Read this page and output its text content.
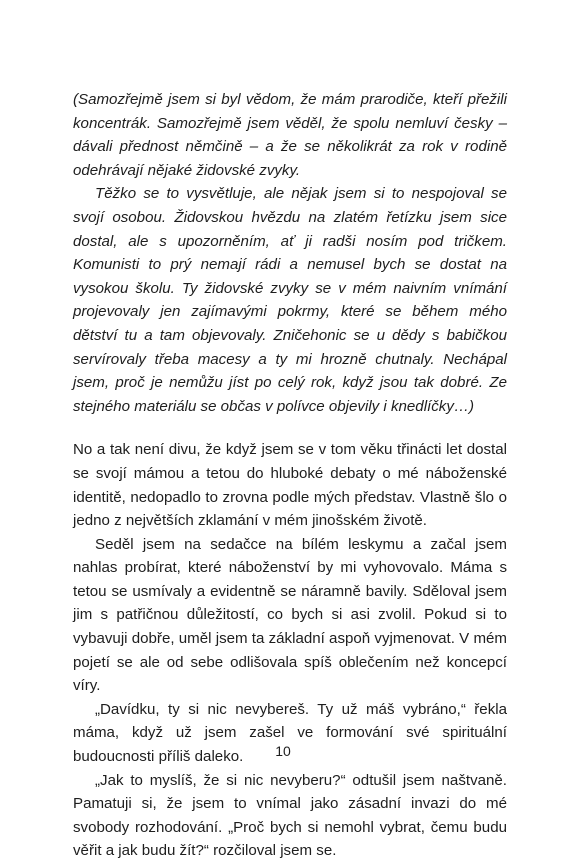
(Samozřejmě jsem si byl vědom, že mám prarodiče, kteří přežili koncentrák. Samozřejmě jsem věděl, že spolu nemluví česky – dávali přednost němčině – a že se několikrát za rok v rodině odehrávají nějaké židovské zvyky.

Těžko se to vysvětluje, ale nějak jsem si to nespojoval se svojí osobou. Židovskou hvězdu na zlatém řetízku jsem sice dostal, ale s upozorněním, ať ji radši nosím pod tričkem. Komunisti to prý nemají rádi a nemusel bych se dostat na vysokou školu. Ty židovské zvyky se v mém naivním vnímání projevovaly jen zajímavými pokrmy, které se během mého dětství tu a tam objevovaly. Zničehonic se u dědy s babičkou servírovaly třeba macesy a ty mi hrozně chutnaly. Nechápal jsem, proč je nemůžu jíst po celý rok, když jsou tak dobré. Ze stejného materiálu se občas v polívce objevily i knedlíčky…)

No a tak není divu, že když jsem se v tom věku třinácti let dostal se svojí mámou a tetou do hluboké debaty o mé náboženské identitě, nedopadlo to zrovna podle mých představ. Vlastně šlo o jedno z největších zklamání v mém jinošském životě.

Seděl jsem na sedačce na bílém leskymu a začal jsem nahlas probírat, které náboženství by mi vyhovovalo. Máma s tetou se usmívaly a evidentně se náramně bavily. Sděloval jsem jim s patřičnou důležitostí, co bych si asi zvolil. Pokud si to vybavuji dobře, uměl jsem ta základní aspoň vyjmenovat. V mém pojetí se ale od sebe odlišovala spíš oblečením než koncepcí víry.

„Davídku, ty si nic nevybereš. Ty už máš vybráno,“ řekla máma, když už jsem zašel ve formování své spirituální budoucnosti příliš daleko.

„Jak to myslíš, že si nic nevyberu?“ odtušil jsem naštvaně. Pamatuji si, že jsem to vnímal jako zásadní invazi do mé svobody rozhodování. „Proč bych si nemohl vybrat, čemu budu věřit a jak budu žít?“ rozčiloval jsem se.

10
